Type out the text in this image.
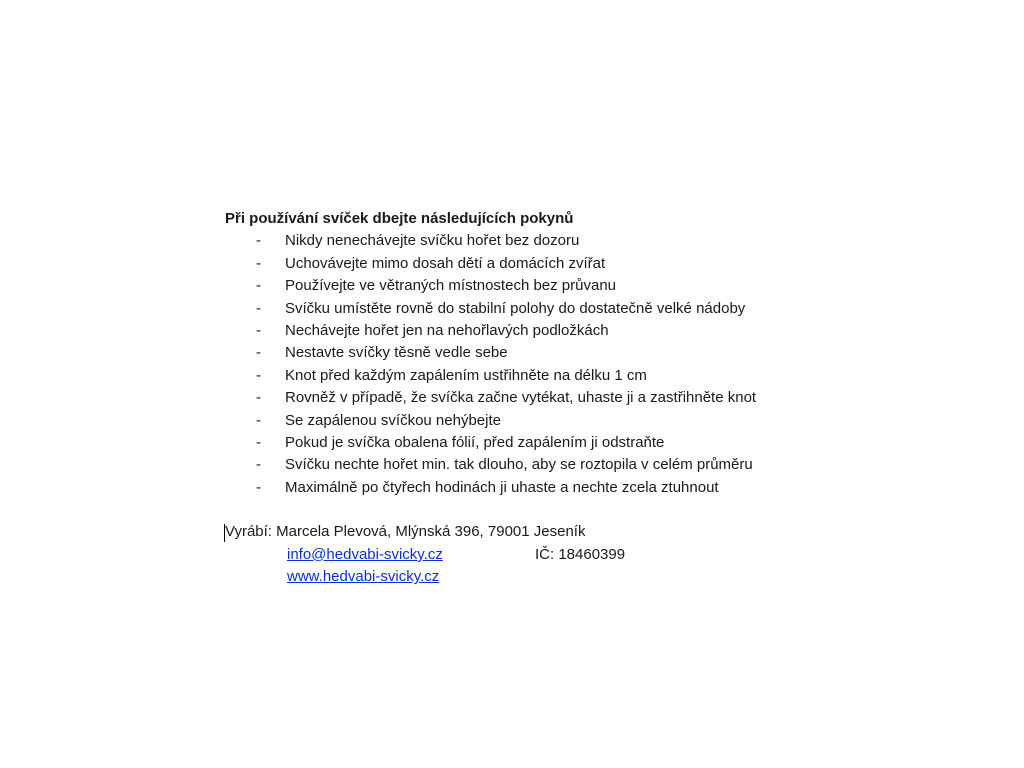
Při používání svíček dbejte následujících pokynů

-	Nikdy nenechávejte svíčku hořet bez dozoru
-	Uchovávejte mimo dosah dětí a domácích zvířat
-	Používejte ve větraných místnostech bez průvanu
-	Svíčku umístěte rovně do stabilní polohy do dostatečně velké nádoby
-	Nechávejte hořet jen na nehořlavých podložkách
-	Nestavte svíčky těsně vedle sebe
-	Knot před každým zapálením ustřihněte na délku 1 cm
-	Rovněž v případě, že svíčka začne vytékat, uhaste ji a zastřihněte knot
-	Se zapálenou svíčkou nehýbejte
-	Pokud je svíčka obalena fólií, před zapálením ji odstraňte
-	Svíčku nechte hořet min. tak dlouho, aby se roztopila v celém průměru
-	Maximálně po čtyřech hodinách ji uhaste a nechte zcela ztuhnout
Vyrábí: Marcela Plevová, Mlýnská 396, 79001 Jeseník
info@hedvabi-svicky.cz	IČ: 18460399
www.hedvabi-svicky.cz
